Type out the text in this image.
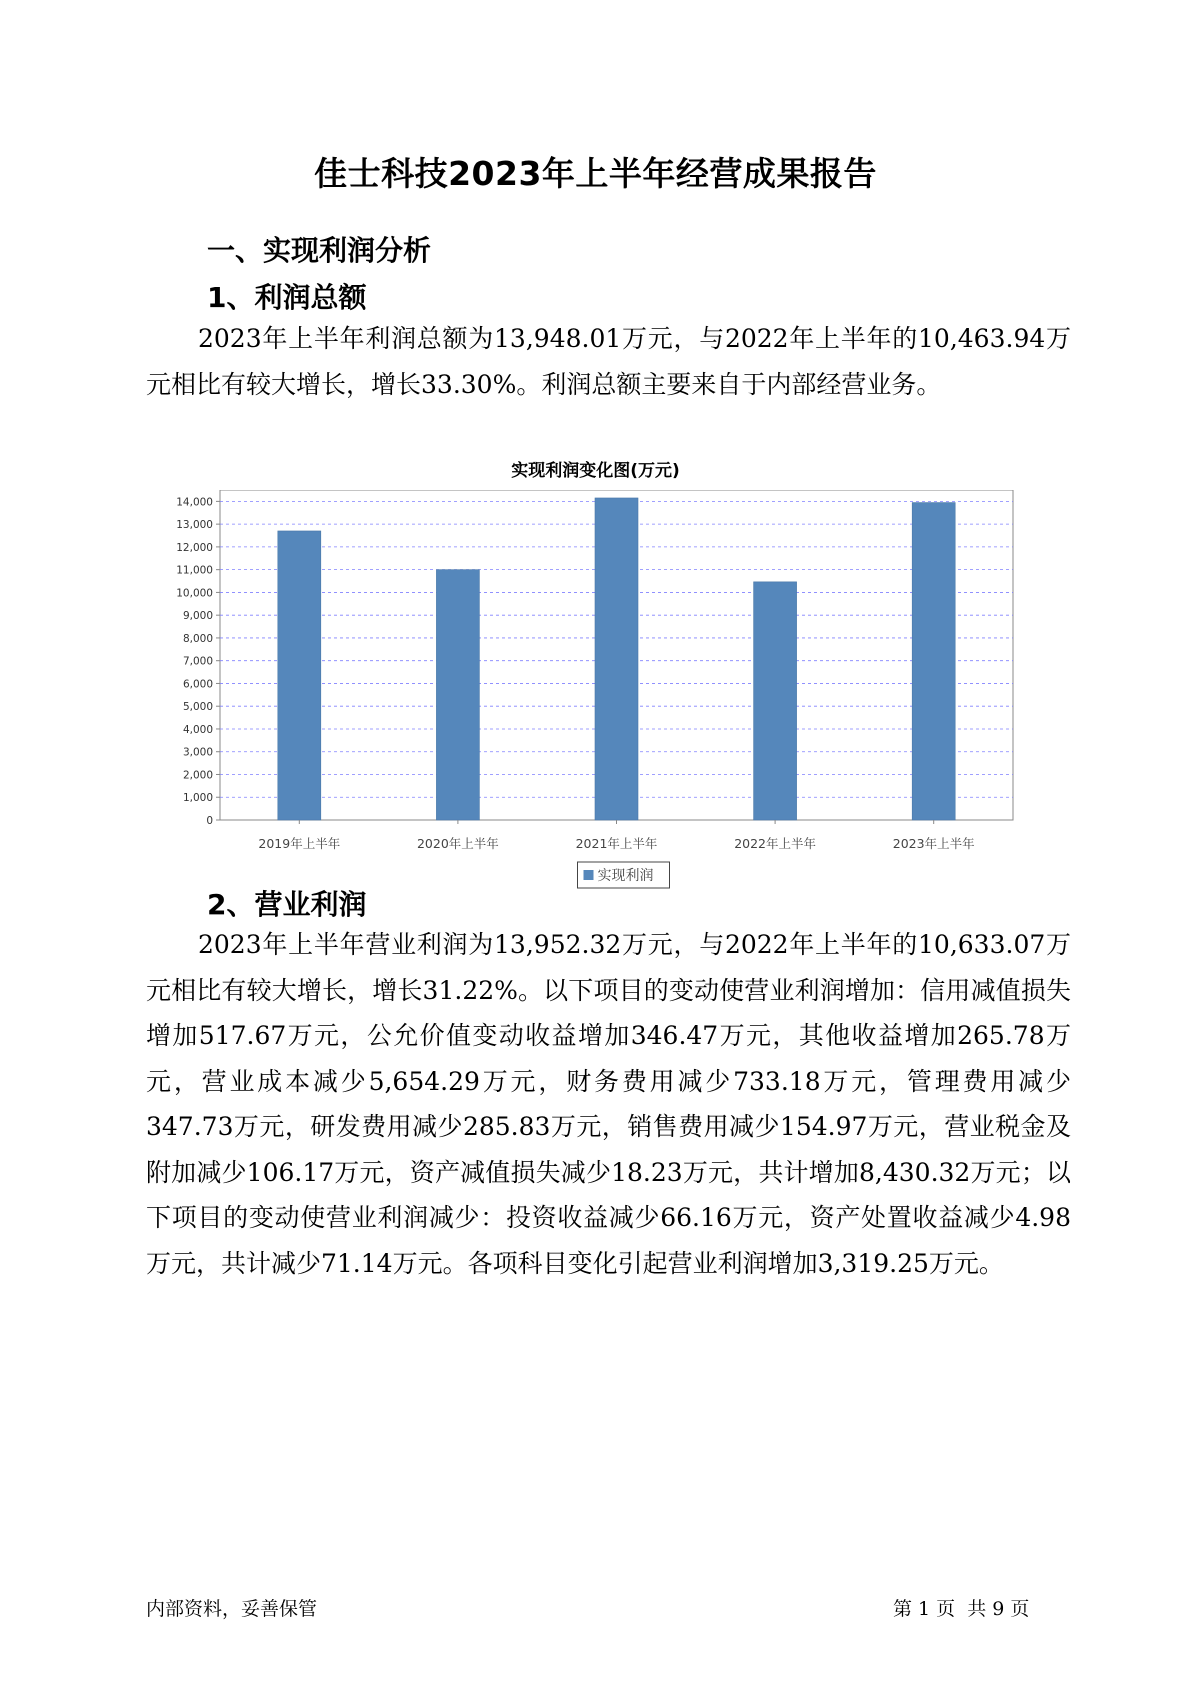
佳士科技2023年上半年经营成果报告
一、实现利润分析
1、利润总额
2023年上半年利润总额为13,948.01万元，与2022年上半年的10,463.94万元相比有较大增长，增长33.30%。利润总额主要来自于内部经营业务。
实现利润变化图(万元)
0
1,000
2,000
3,000
4,000
5,000
6,000
7,000
8,000
9,000
10,000
11,000
12,000
13,000
14,000
2019年上半年	2020年上半年	2021年上半年	2022年上半年	2023年上半年
实现利润
2、营业利润
2023年上半年营业利润为13,952.32万元，与2022年上半年的10,633.07万元相比有较大增长，增长31.22%。以下项目的变动使营业利润增加：信用减值损失增加517.67万元，公允价值变动收益增加346.47万元，其他收益增加265.78万元，营业成本减少5,654.29万元，财务费用减少733.18万元，管理费用减少347.73万元，研发费用减少285.83万元，销售费用减少154.97万元，营业税金及附加减少106.17万元，资产减值损失减少18.23万元，共计增加8,430.32万元；以下项目的变动使营业利润减少：投资收益减少66.16万元，资产处置收益减少4.98万元，共计减少71.14万元。各项科目变化引起营业利润增加3,319.25万元。
内部资料，妥善保管	第 1 页  共 9 页
